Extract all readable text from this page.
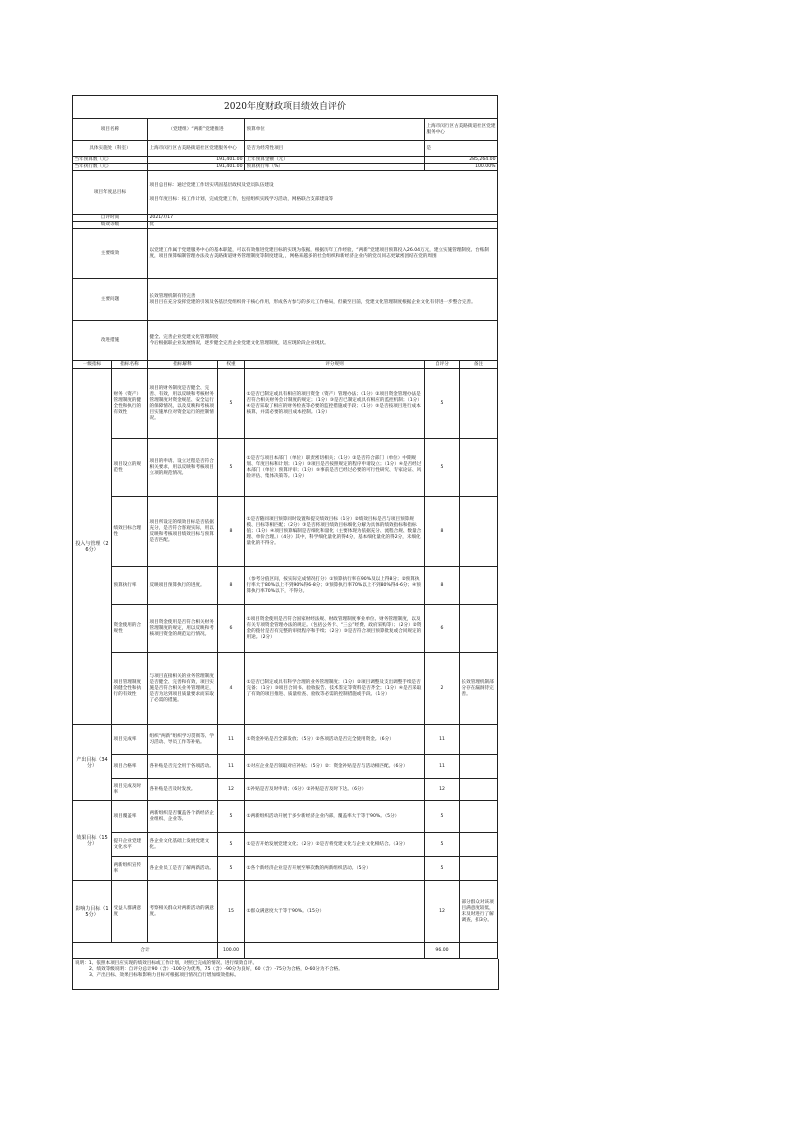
2020年度财政项目绩效自评价						
项目名称		（党建组）“两新”党建推进		预算单位	上海市闵行区古美路街道社区党建服务中心	
具体实施处（科室）		上海市闵行区古美路街道社区党建服务中心		是否为经常性项目	是	
当年预算数（元）		191,401.00		上年预算金额（元）	285,264.00	
当年执行数（元）		191,401.00		预算执行率（%）	100.00%	
项目年度总目标		项目总目标：通过党建工作切实巩固基层政权及党员队伍建设
项目年度目标：按工作计划，完成党建工作，包括组织实践学习活动，网格联合支部建设等				

自评时间		2021/7/17				
绩效等级		优				
主要绩效		以党建工作属于党建服务中心的基本职能，可以有效推进党建目标的实现为依据，根据历年工作经验，“两新”党建项目预算投入26.04万元，建立实施管理制度、台账制度，项目预算编制管理办法及古美路街道财务管理制度等制度建设，，网格来越多的社会组织和新经济企业内的党员同志更紧密团结在党的周围				
主要问题		长效管理机制有待完善
项目目在充分发挥党建的引领及各基层党组织骨干核心作用，形成各方参与的多元工作格局，但截至目前，党建文化管理制度根据企业文化有待进一步整合完善。				
改进措施		健全、完善企业党建文化管理制度
今后根据联企业发展情况，逐步健全完善企业党建文化管理制度，适应现阶段企业现状。				
一级指标	指标名称	指标解释	权重	评分规则	自评分	备注
投入与管理（26分）	财务（资产）管理制度的健全性和执行的有效性	项目的财务制度是否健全、完善、有效，用以反映和考核财务管理制度对资金规范、安全运行的保障情况，以及反映和考核项目实施单位对资金运行的控制情况。	5	①是否已制定或具有相应的项目资金（资产）管理办法；（1分）②项目资金管理办法是否符合相关财务会计制度的规定；（1分）③是否已制定或具有相应的监控机制；（1分）④是否采取了相应的财务检查等必要的监控措施或手段；（1分）⑤是否按项目进行成本核算，并需必要的项目成本控制。（1分）	5	
	项目设立的规范性	项目的申请、设立过程是否符合相关要求，用以反映和考核项目立项的规范情况。	5	①是否与项目本部门（单位）职责密切相关；（1分）②是否符合部门（单位）中期规划、年度目标和计划；（1分）③项目是否按照规定的程序申请设立；（1分）④是否经过本部门（单位）预算评审；（1分）⑤事前是否已经过必要的可行性研究、专家论证、风险评估、集体决策等。（1分）	5	
	绩效目标合理性	项目所设定的绩效目标是否依据充分，是否符合客观实际，用以反映和考核项目绩效目标与预算是否匹配。	8	①是否随同项目预算同时设置和提交绩效目标（1分）②绩效目标是否与项目预算规模、目标等相匹配；（2分）③是否将项目绩效目标细化分解为具体的绩效指标和指标值；（1分）④项目预算编制是否细化和量化（主要体现为依据充分、流程合规、数量合理、单价合理。）（4分）其中，科学细化量化的得4分，基本细化量化的得2分，未细化量化的不得分。	8	
	预算执行率	反映项目预算执行的进度。	8	（参考分值区间，按实际完成情况打分）①预算执行率在90%及以上得8分；②预算执行率大于80%以上不到90%得6-8分；③预算执行率70%以上不到80%得4-6分；④预算执行率70%以下，不得分。	8	
	资金使用的合规性	项目资金使用是否符合相关财务管理制度的规定，用以反映和考核项目资金的规范运行情况。	6	①项目资金使用是否符合国家财经法规、财政管理制度事业单位、财务管理制度，以及有关专项资金管理办法的规定。（包括公务卡、“三公”经费、政府采购等）；（2分）②资金的拨付是否有完整的审批程序和手续；（2分）③是否符合项目预算批复或合同规定的用途。（2分）	6	
	项目管理制度的健全性和执行的有效性	与项目直接相关的业务管理制度是否健全、完善和有效，项目实施是否符合相关业务管理规定，是否为达到项目质量要求而采取了必需的措施。	4	①是否已制定或具有科学合理的业务管理制度；（1分）②项目调整及支出调整手续是否完备；（1分）③项目合同书、验收报告、技术鉴定等资料是否齐全；（1分）④是否采取了有效的项目推进、质量检查、验收等必需的控制措施或手段。（1分）	2	长效管理机制部分存在漏洞待完善。
产出目标（34分）	项目完成率	组织“两新”组织学习贯彻等、学习活动、导员工作等补贴。	11	①资金补贴是否全部发放；（5分）②各项活动是否完全使用资金。（6分）	11	
	项目合格率	各补贴是否完全用于各项活动。	11	①对应企业是否领取对应补贴；（5分）②：资金补贴是否与活动相匹配。（6分）	11	
	项目完成及时率	各补贴是否及时发放。	12	①补贴是否及时申请；（6分）②补贴是否及时下达。（6分）	12	
效果目标（15分）	项目覆盖率	两新组织是否覆盖各个新经济企业组织、企业等。	5	①两新组织活动开展于多少新经济企业内部，覆盖率大于等于90%。（5分）	5	
	提升企业党建文化水平	各企业文化基础上发展党建文化。	5	①是否开始发展党建文化；（2分）②是否将党建文化与企业文化相结合。（3分）	5	
	两新组织宣传率	各企业员工是否了解两新活动。	5	①各个新经济企业是否开展至够次数的两新组织活动。（5分）	5	
影响力目标（15分）	受益人群满意度	考察相关群众对两新活动的满意度。	15	①群众满意度大于等于90%。（15分）	12	部分群众对该项目满意度较低，未及时进行了解调查，扣3分。
合计			100.00		96.00	
说明：1、依照本项目应实现的绩效目标或工作计划，对照已完成的情况，进行绩效自评。
2、绩效等级说明：自评分总计90（含）-100分为优秀，75（含）-90分为良好，60（含）-75分为合格，0-60分为不合格。
3、产出目标、效果目标和影响力目标可根据项目情况自行增加绩效指标。
